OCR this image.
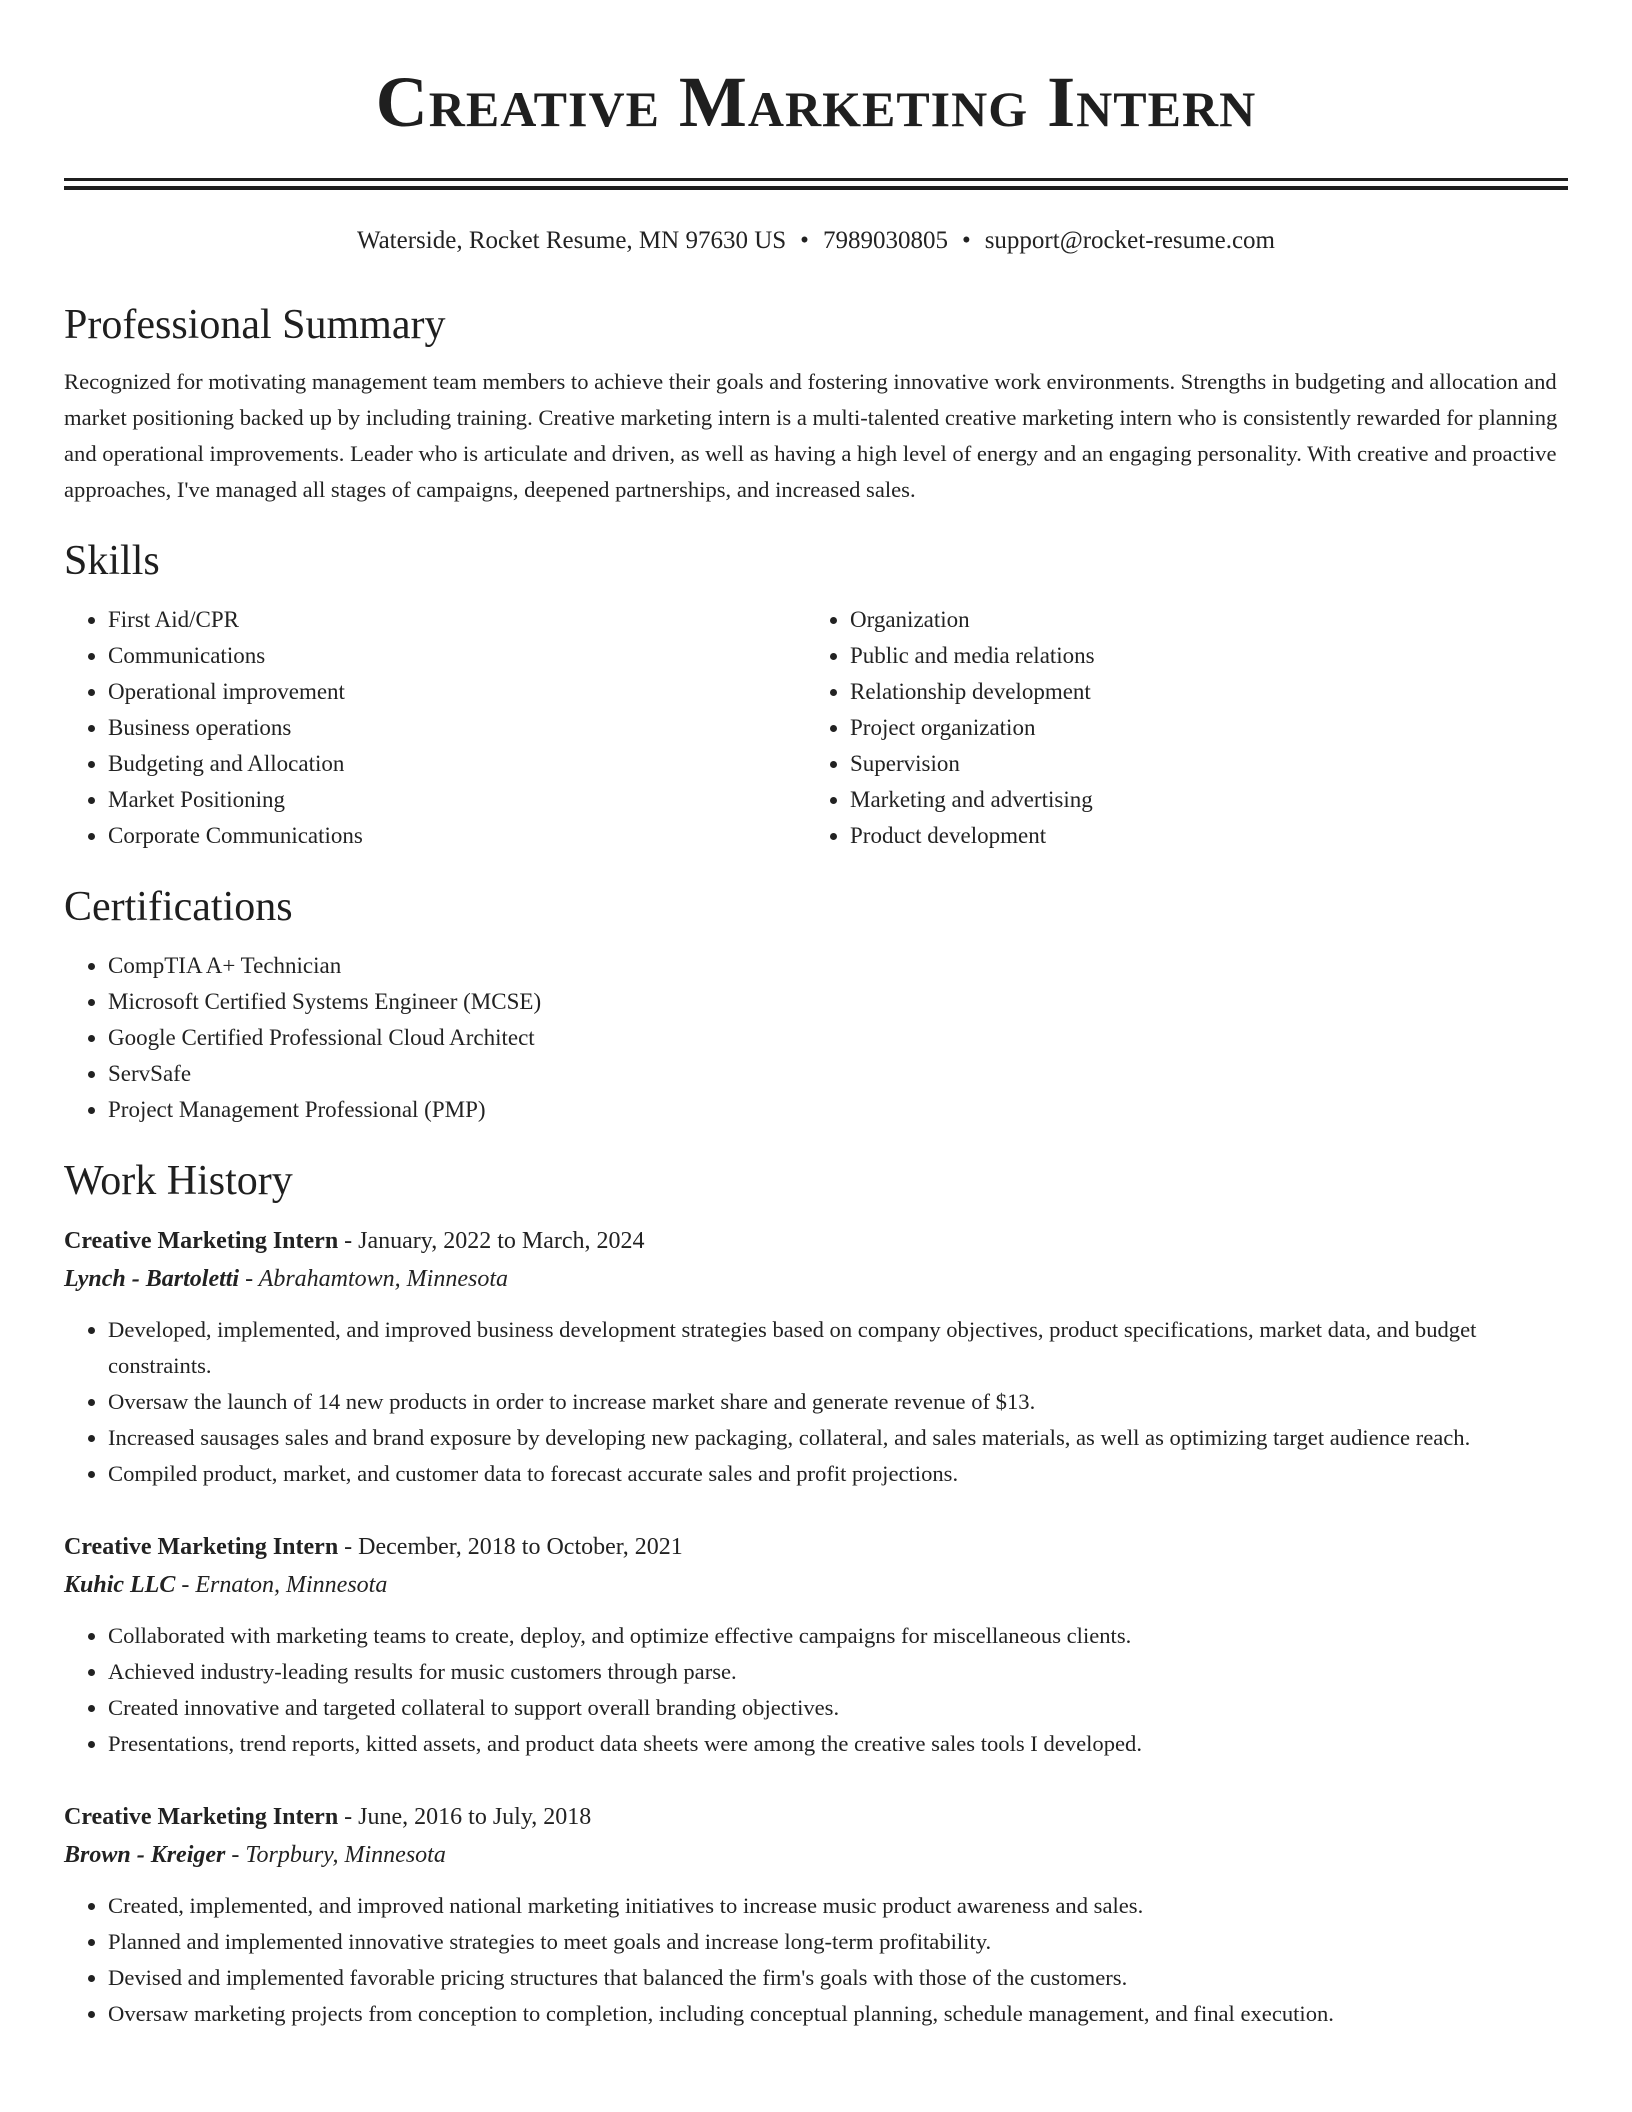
Creative Marketing Intern
Waterside, Rocket Resume, MN 97630 US • 7989030805 • support@rocket-resume.com
Professional Summary
Recognized for motivating management team members to achieve their goals and fostering innovative work environments. Strengths in budgeting and allocation and market positioning backed up by including training. Creative marketing intern is a multi-talented creative marketing intern who is consistently rewarded for planning and operational improvements. Leader who is articulate and driven, as well as having a high level of energy and an engaging personality. With creative and proactive approaches, I've managed all stages of campaigns, deepened partnerships, and increased sales.
Skills
• First Aid/CPR
• Communications
• Operational improvement
• Business operations
• Budgeting and Allocation
• Market Positioning
• Corporate Communications
• Organization
• Public and media relations
• Relationship development
• Project organization
• Supervision
• Marketing and advertising
• Product development
Certifications
• CompTIA A+ Technician
• Microsoft Certified Systems Engineer (MCSE)
• Google Certified Professional Cloud Architect
• ServSafe
• Project Management Professional (PMP)
Work History
Creative Marketing Intern - January, 2022 to March, 2024
Lynch - Bartoletti - Abrahamtown, Minnesota
• Developed, implemented, and improved business development strategies based on company objectives, product specifications, market data, and budget constraints.
• Oversaw the launch of 14 new products in order to increase market share and generate revenue of $13.
• Increased sausages sales and brand exposure by developing new packaging, collateral, and sales materials, as well as optimizing target audience reach.
• Compiled product, market, and customer data to forecast accurate sales and profit projections.
Creative Marketing Intern - December, 2018 to October, 2021
Kuhic LLC - Ernaton, Minnesota
• Collaborated with marketing teams to create, deploy, and optimize effective campaigns for miscellaneous clients.
• Achieved industry-leading results for music customers through parse.
• Created innovative and targeted collateral to support overall branding objectives.
• Presentations, trend reports, kitted assets, and product data sheets were among the creative sales tools I developed.
Creative Marketing Intern - June, 2016 to July, 2018
Brown - Kreiger - Torpbury, Minnesota
• Created, implemented, and improved national marketing initiatives to increase music product awareness and sales.
• Planned and implemented innovative strategies to meet goals and increase long-term profitability.
• Devised and implemented favorable pricing structures that balanced the firm's goals with those of the customers.
• Oversaw marketing projects from conception to completion, including conceptual planning, schedule management, and final execution.
